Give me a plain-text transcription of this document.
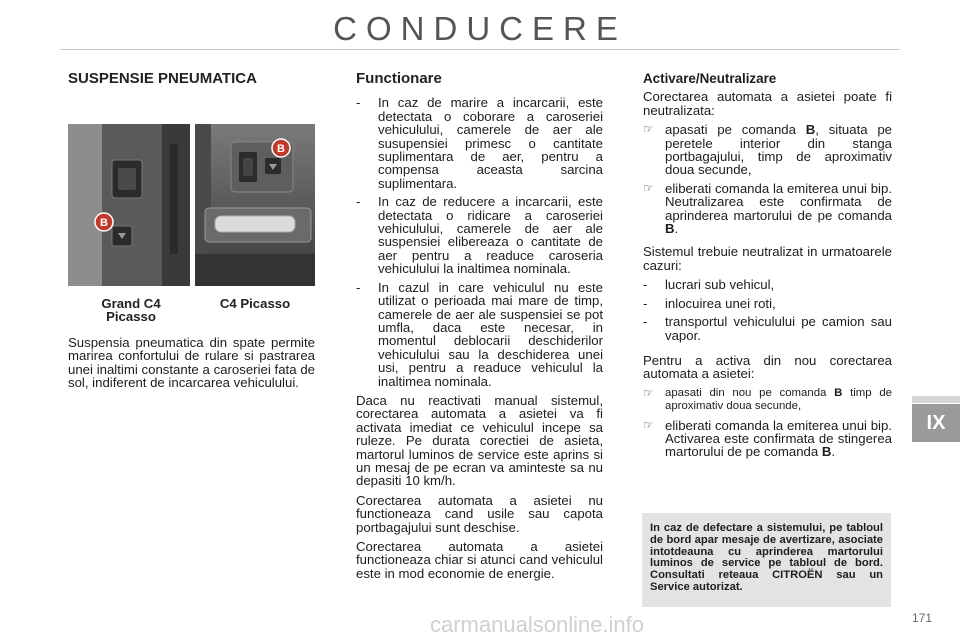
CONDUCERE
SUSPENSIE PNEUMATICA
B
B
Grand C4 Picasso
C4 Picasso

Suspensia pneumatica din spate permite marirea confortului de rulare si pastrarea unei inaltimi constante a caroseriei fata de sol, indiferent de incarcarea vehiculului.

Functionare
-	In caz de marire a incarcarii, este detectata o coborare a caroseriei vehiculului, camerele de aer ale susupensiei primesc o cantitate suplimentara de aer, pentru a compensa aceasta sarcina suplimentara.
-	In caz de reducere a incarcarii, este detectata o ridicare a caroseriei vehiculului, camerele de aer ale suspensiei elibereaza o cantitate de aer pentru a readuce caroseria vehiculului la inaltimea nominala.
-	In cazul in care vehiculul nu este utilizat o perioada mai mare de timp, camerele de aer ale suspensiei se pot umfla, daca este necesar, in momentul deblocarii deschiderilor vehiculului sau la deschiderea unei usi, pentru a readuce vehiculul la inaltimea nominala.

Daca nu reactivati manual sistemul, corectarea automata a asietei va fi activata imediat ce vehiculul incepe sa ruleze. Pe durata corectiei de asieta, martorul luminos de service este aprins si un mesaj de pe ecran va aminteste sa nu depasiti 10 km/h.

Corectarea automata a asietei nu functioneaza cand usile sau capota portbagajului sunt deschise.

Corectarea automata a asietei functioneaza chiar si atunci cand vehiculul este in mod economie de energie.

Activare/Neutralizare

Corectarea automata a asietei poate fi neutralizata:

☞ apasati pe comanda B, situata pe peretele interior din stanga portbagajului, timp de aproximativ doua secunde,
☞ eliberati comanda la emiterea unui bip. Neutralizarea este confirmata de aprinderea martorului de pe comanda B.

Sistemul trebuie neutralizat in urmatoarele cazuri:

-	lucrari sub vehicul,
-	inlocuirea unei roti,
-	transportul vehiculului pe camion sau vapor.

Pentru a activa din nou corectarea automata a asietei:

☞ apasati din nou pe comanda B timp de aproximativ doua secunde,
☞ eliberati comanda la emiterea unui bip. Activarea este confirmata de stingerea martorului de pe comanda B.
In caz de defectare a sistemului, pe tabloul de bord apar mesaje de avertizare, asociate intotdeauna cu aprinderea martorului luminos de service pe tabloul de bord. Consultati reteaua CITROËN sau un Service autorizat.
IX
carmanualsonline.info	171
